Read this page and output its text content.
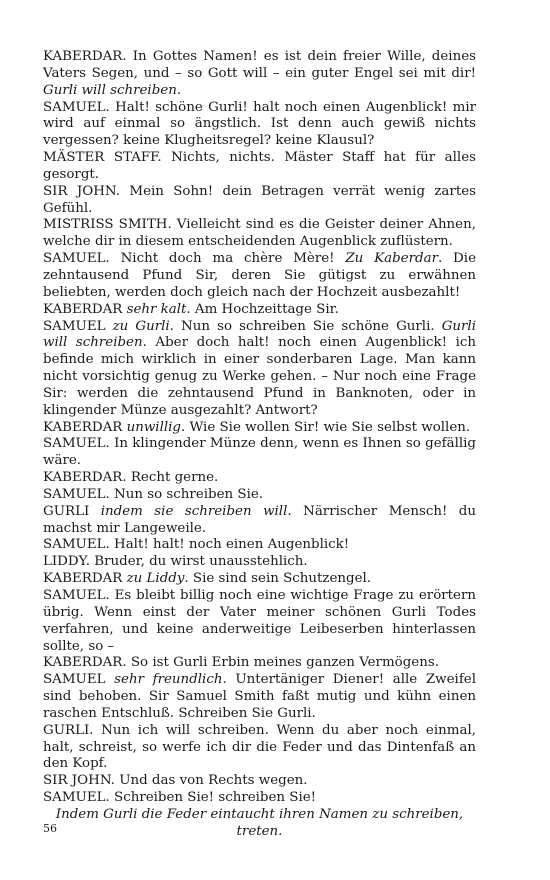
KABERDAR. In Gottes Namen! es ist dein freier Wille, deines Vaters Segen, und – so Gott will – ein guter Engel sei mit dir! Gurli will schreiben.

SAMUEL. Halt! schöne Gurli! halt noch einen Augenblick! mir wird auf einmal so ängstlich. Ist denn auch gewiß nichts vergessen? keine Klugheitsregel? keine Klausul?

MÄSTER STAFF. Nichts, nichts. Mäster Staff hat für alles gesorgt.

SIR JOHN. Mein Sohn! dein Betragen verrät wenig zartes Gefühl.

MISTRISS SMITH. Vielleicht sind es die Geister deiner Ahnen, welche dir in diesem entscheidenden Augenblick zuflüstern.

SAMUEL. Nicht doch ma chère Mère! Zu Kaberdar. Die zehntausend Pfund Sir, deren Sie gütigst zu erwähnen beliebten, werden doch gleich nach der Hochzeit ausbezahlt!

KABERDAR sehr kalt. Am Hochzeittage Sir.

SAMUEL zu Gurli. Nun so schreiben Sie schöne Gurli. Gurli will schreiben. Aber doch halt! noch einen Augenblick! ich befinde mich wirklich in einer sonderbaren Lage. Man kann nicht vorsichtig genug zu Werke gehen. – Nur noch eine Frage Sir: werden die zehntausend Pfund in Banknoten, oder in klingender Münze ausgezahlt? Antwort?

KABERDAR unwillig. Wie Sie wollen Sir! wie Sie selbst wollen.

SAMUEL. In klingender Münze denn, wenn es Ihnen so gefällig wäre.

KABERDAR. Recht gerne.

SAMUEL. Nun so schreiben Sie.

GURLI indem sie schreiben will. Närrischer Mensch! du machst mir Langeweile.

SAMUEL. Halt! halt! noch einen Augenblick!

LIDDY. Bruder, du wirst unausstehlich.

KABERDAR zu Liddy. Sie sind sein Schutzengel.

SAMUEL. Es bleibt billig noch eine wichtige Frage zu erörtern übrig. Wenn einst der Vater meiner schönen Gurli Todes verfahren, und keine anderweitige Leibeserben hinterlassen sollte, so –

KABERDAR. So ist Gurli Erbin meines ganzen Vermögens.

SAMUEL sehr freundlich. Untertäniger Diener! alle Zweifel sind behoben. Sir Samuel Smith faßt mutig und kühn einen raschen Entschluß. Schreiben Sie Gurli.

GURLI. Nun ich will schreiben. Wenn du aber noch einmal, halt, schreist, so werfe ich dir die Feder und das Dintenfaß an den Kopf.

SIR JOHN. Und das von Rechts wegen.

SAMUEL. Schreiben Sie! schreiben Sie!

Indem Gurli die Feder eintaucht ihren Namen zu schreiben, treten.

56
